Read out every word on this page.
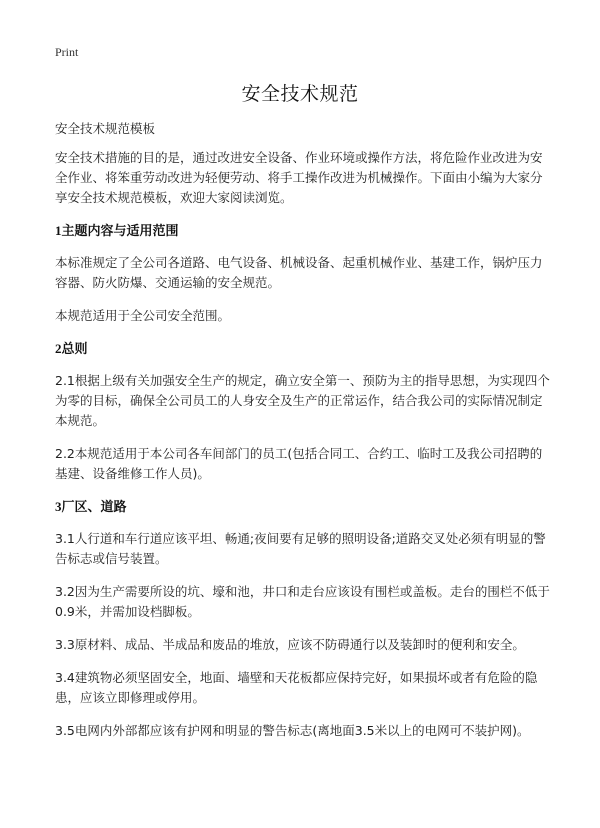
Print
安全技术规范

安全技术规范模板

安全技术措施的目的是，通过改进安全设备、作业环境或操作方法，将危险作业改进为安全作业、将笨重劳动改进为轻便劳动、将手工操作改进为机械操作。下面由小编为大家分享安全技术规范模板，欢迎大家阅读浏览。

1主题内容与适用范围

本标准规定了全公司各道路、电气设备、机械设备、起重机械作业、基建工作，锅炉压力容器、防火防爆、交通运输的安全规范。

本规范适用于全公司安全范围。

2总则

2.1根据上级有关加强安全生产的规定，确立安全第一、预防为主的指导思想，为实现四个为零的目标，确保全公司员工的人身安全及生产的正常运作，结合我公司的实际情况制定本规范。

2.2本规范适用于本公司各车间部门的员工(包括合同工、合约工、临时工及我公司招聘的基建、设备维修工作人员)。

3厂区、道路

3.1人行道和车行道应该平坦、畅通;夜间要有足够的照明设备;道路交叉处必须有明显的警告标志或信号装置。

3.2因为生产需要所设的坑、壕和池，井口和走台应该设有围栏或盖板。走台的围栏不低于0.9米，并需加设档脚板。

3.3原材料、成品、半成品和废品的堆放，应该不防碍通行以及装卸时的便利和安全。

3.4建筑物必须坚固安全，地面、墙壁和天花板都应保持完好，如果损坏或者有危险的隐患，应该立即修理或停用。

3.5电网内外部都应该有护网和明显的警告标志(离地面3.5米以上的电网可不装护网)。
